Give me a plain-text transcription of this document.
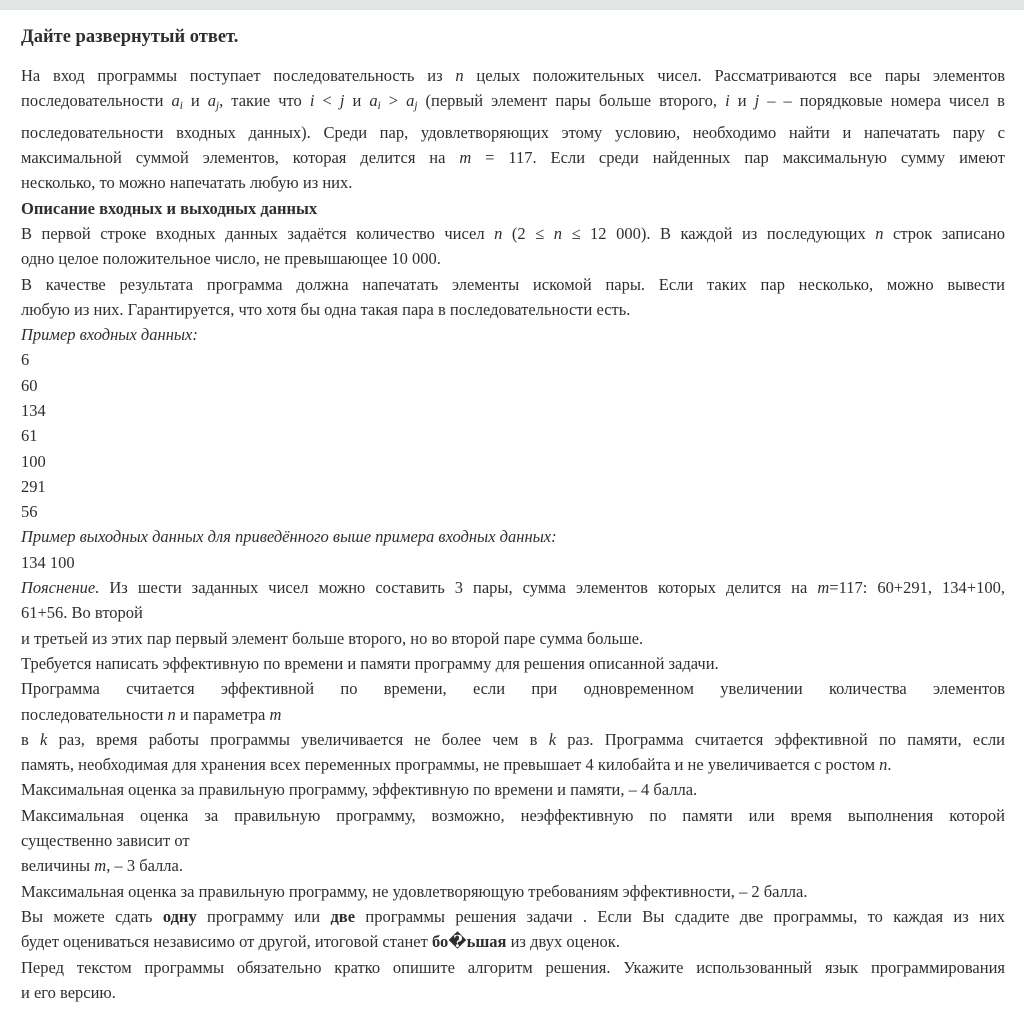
Дайте развернутый ответ.

На вход программы поступает последовательность из n целых положительных чисел. Рассматриваются все пары элементов

последовательности ai и aj, такие что i < j и ai > aj (первый элемент пары больше второго, i и j – – порядковые номера чисел в

последовательности входных данных). Среди пар, удовлетворяющих этому условию, необходимо найти и напечатать пару с

максимальной суммой элементов, которая делится на m = 117. Если среди найденных пар максимальную сумму имеют

несколько, то можно напечатать любую из них.

Описание входных и выходных данных

В первой строке входных данных задаётся количество чисел n (2 ≤ n ≤ 12 000). В каждой из последующих n строк записано

одно целое положительное число, не превышающее 10 000.

В качестве результата программа должна напечатать элементы искомой пары. Если таких пар несколько, можно вывести

любую из них. Гарантируется, что хотя бы одна такая пара в последовательности есть.

Пример входных данных:

6

60

134

61

100

291

56

Пример выходных данных для приведённого выше примера входных данных:

134 100

Пояснение. Из шести заданных чисел можно составить 3 пары, сумма элементов которых делится на m=117: 60+291, 134+100,

61+56. Во второй

и третьей из этих пар первый элемент больше второго, но во второй паре сумма больше.

Требуется написать эффективную по времени и памяти программу для решения описанной задачи.

Программа считается эффективной по времени, если при одновременном увеличении количества элементов

последовательности n и параметра m

в k раз, время работы программы увеличивается не более чем в k раз. Программа считается эффективной по памяти, если

память, необходимая для хранения всех переменных программы, не превышает 4 килобайта и не увеличивается с ростом n.

Максимальная оценка за правильную программу, эффективную по времени и памяти, – 4 балла.

Максимальная оценка за правильную программу, возможно, неэффективную по памяти или время выполнения которой

существенно зависит от

величины m, – 3 балла.

Максимальная оценка за правильную программу, не удовлетворяющую требованиям эффективности, – 2 балла.

Вы можете сдать одну программу или две программы решения задачи . Если Вы сдадите две программы, то каждая из них

будет оцениваться независимо от другой, итоговой станет бо�ьшая из двух оценок.

Перед текстом программы обязательно кратко опишите алгоритм решения. Укажите использованный язык программирования

и его версию.
